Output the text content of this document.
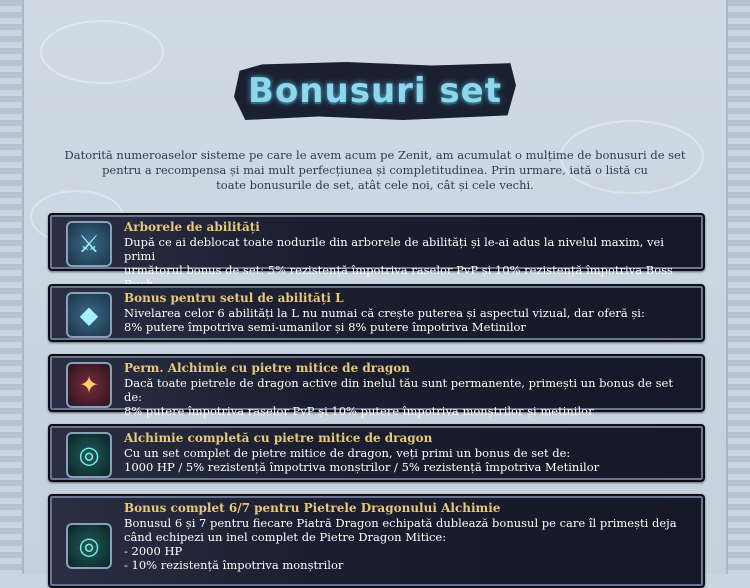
Bonusuri set
Datorită numeroaselor sisteme pe care le avem acum pe Zenit, am acumulat o mulțime de bonusuri de set
pentru a recompensa și mai mult perfecțiunea și completitudinea. Prin urmare, iată o listă cu
toate bonusurile de set, atât cele noi, cât și cele vechi.
⚔
Arborele de abilități
După ce ai deblocat toate nodurile din arborele de abilități și le-ai adus la nivelul maxim, vei primi
următorul bonus de set: 5% rezistență împotriva raselor PvP și 10% rezistență împotriva Boss
◆
Bonus pentru setul de abilități L
Nivelarea celor 6 abilități la L nu numai că crește puterea și aspectul vizual, dar oferă și:
8% putere împotriva semi-umanilor și 8% putere împotriva Metinilor
✦
Perm. Alchimie cu pietre mitice de dragon
Dacă toate pietrele de dragon active din inelul tău sunt permanente, primești un bonus de set de:
8% putere împotriva raselor PvP și 10% putere împotriva monștrilor și metinilor
◎
Alchimie completă cu pietre mitice de dragon
Cu un set complet de pietre mitice de dragon, veți primi un bonus de set de:
1000 HP / 5% rezistență împotriva monștrilor / 5% rezistență împotriva Metinilor
◎
Bonus complet 6/7 pentru Pietrele Dragonului Alchimie
Bonusul 6 și 7 pentru fiecare Piatră Dragon echipată dublează bonusul pe care îl primești deja
când echipezi un inel complet de Pietre Dragon Mitice:
- 2000 HP
- 10% rezistență împotriva monștrilor
